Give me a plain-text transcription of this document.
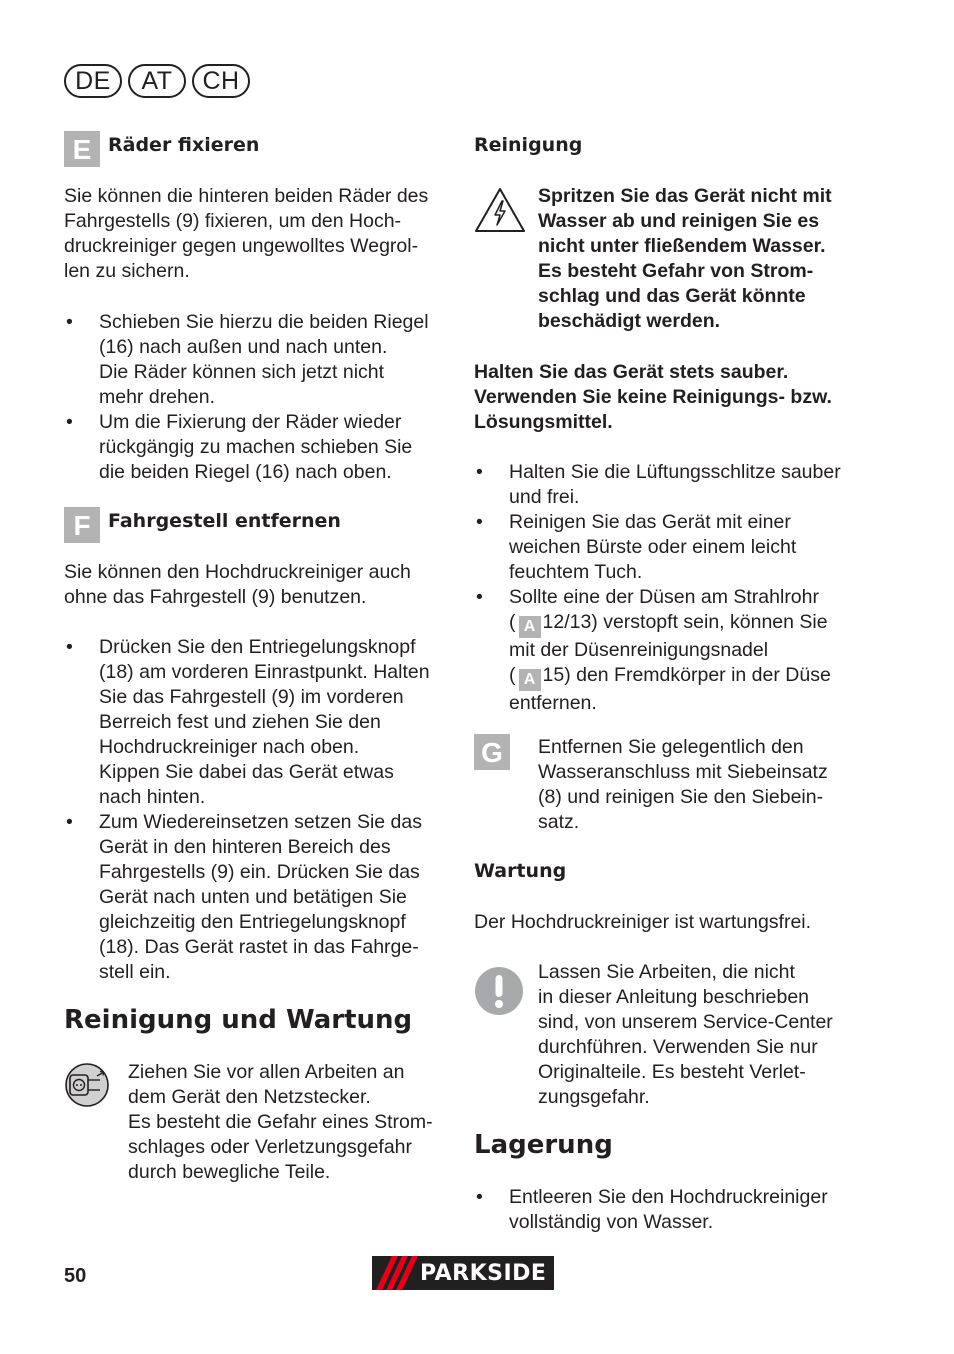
DE	AT	CH
E Räder fixieren
Sie können die hinteren beiden Räder des
Fahrgestells (9) fixieren, um den Hoch-
druckreiniger gegen ungewolltes Wegrol-
len zu sichern.
• Schieben Sie hierzu die beiden Riegel
(16) nach außen und nach unten.
Die Räder können sich jetzt nicht
mehr drehen.
• Um die Fixierung der Räder wieder
rückgängig zu machen schieben Sie
die beiden Riegel (16) nach oben.
F Fahrgestell entfernen
Sie können den Hochdruckreiniger auch
ohne das Fahrgestell (9) benutzen.
• Drücken Sie den Entriegelungsknopf
(18) am vorderen Einrastpunkt. Halten
Sie das Fahrgestell (9) im vorderen
Berreich fest und ziehen Sie den
Hochdruckreiniger nach oben.
Kippen Sie dabei das Gerät etwas
nach hinten.
• Zum Wiedereinsetzen setzen Sie das
Gerät in den hinteren Bereich des
Fahrgestells (9) ein. Drücken Sie das
Gerät nach unten und betätigen Sie
gleichzeitig den Entriegelungsknopf
(18). Das Gerät rastet in das Fahrge-
stell ein.
Reinigung und Wartung
Ziehen Sie vor allen Arbeiten an
dem Gerät den Netzstecker.
Es besteht die Gefahr eines Strom-
schlages oder Verletzungsgefahr
durch bewegliche Teile.
Reinigung
Spritzen Sie das Gerät nicht mit
Wasser ab und reinigen Sie es
nicht unter fließendem Wasser.
Es besteht Gefahr von Strom-
schlag und das Gerät könnte
beschädigt werden.
Halten Sie das Gerät stets sauber.
Verwenden Sie keine Reinigungs- bzw.
Lösungsmittel.
• Halten Sie die Lüftungsschlitze sauber
und frei.
• Reinigen Sie das Gerät mit einer
weichen Bürste oder einem leicht
feuchtem Tuch.
• Sollte eine der Düsen am Strahlrohr
( A 12/13) verstopft sein, können Sie
mit der Düsenreinigungsnadel
( A 15) den Fremdkörper in der Düse
entfernen.
G	Entfernen Sie gelegentlich den
Wasseranschluss mit Siebeinsatz
(8) und reinigen Sie den Siebein-
satz.
Wartung
Der Hochdruckreiniger ist wartungsfrei.
Lassen Sie Arbeiten, die nicht
in dieser Anleitung beschrieben
sind, von unserem Service-Center
durchführen. Verwenden Sie nur
Originalteile. Es besteht Verlet-
zungsgefahr.
Lagerung
• Entleeren Sie den Hochdruckreiniger
vollständig von Wasser.
50	PARKSIDE
